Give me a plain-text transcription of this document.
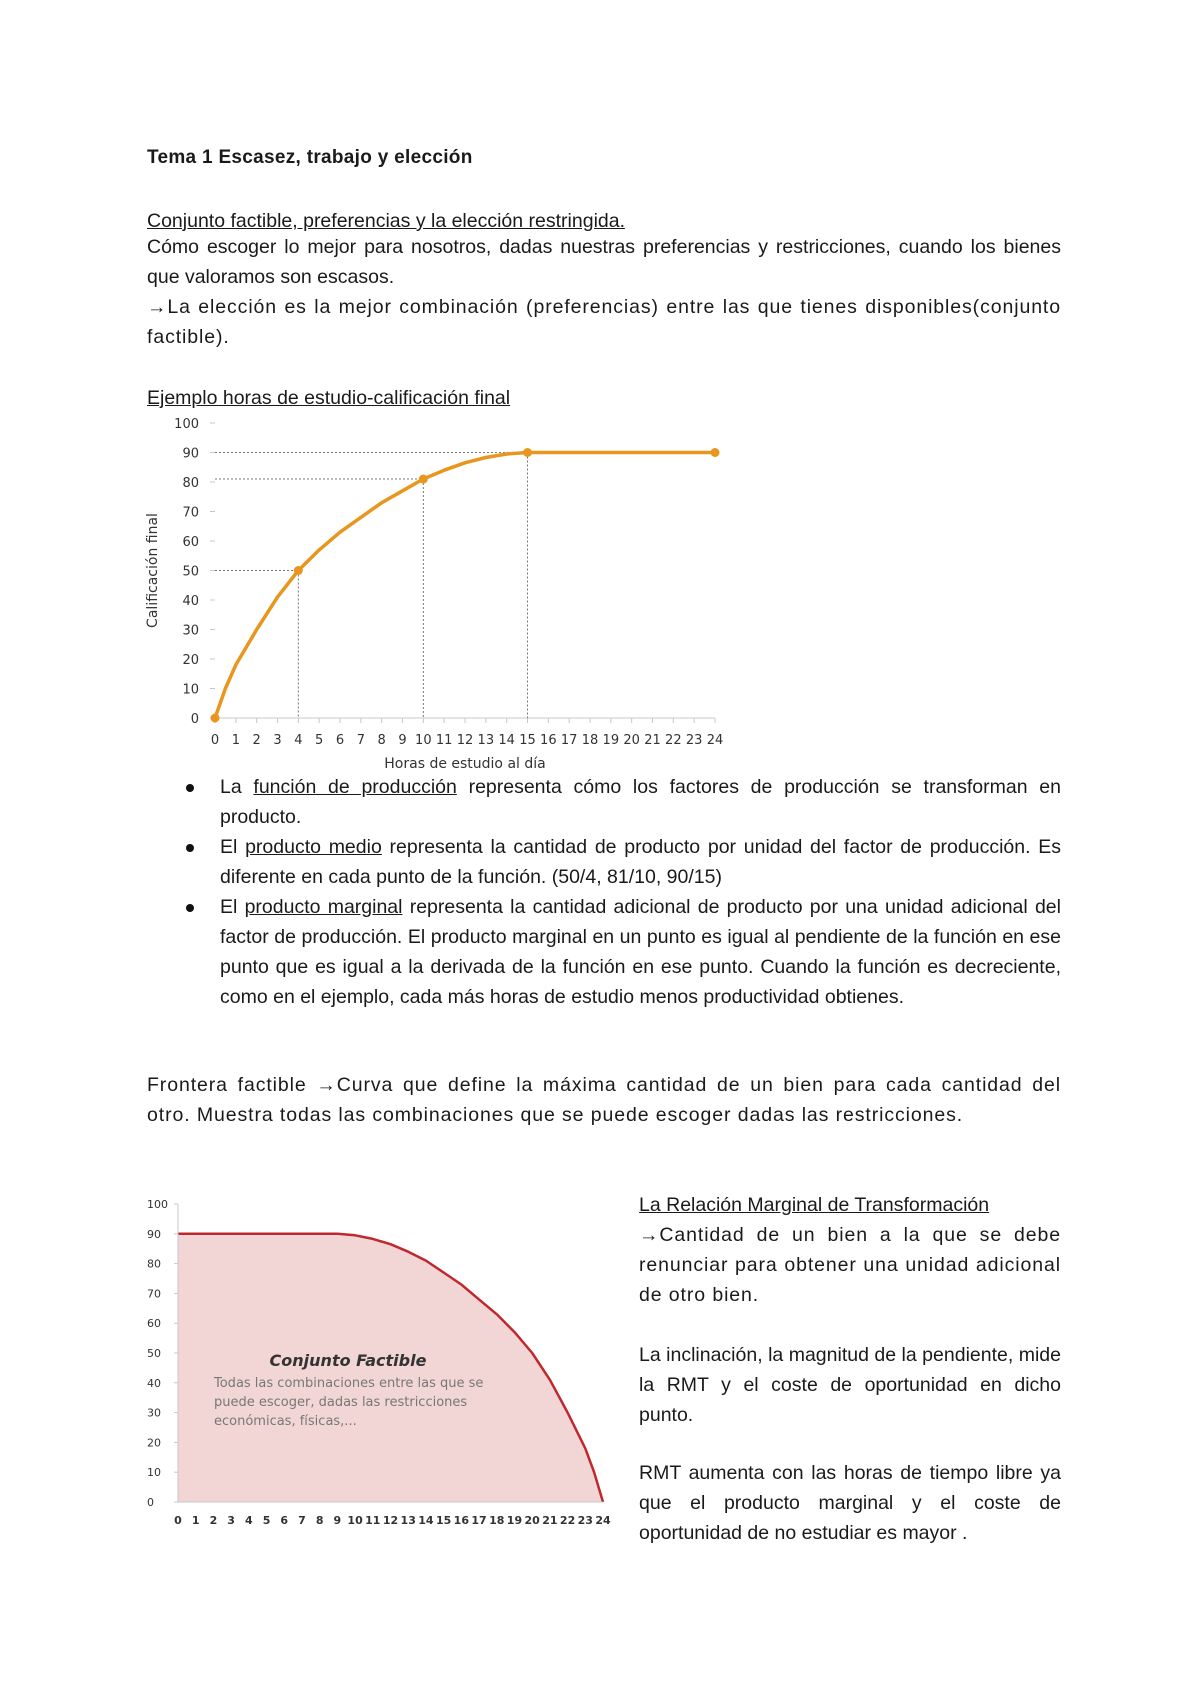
Tema 1 Escasez, trabajo y elección
Conjunto factible, preferencias y la elección restringida.
Cómo escoger lo mejor para nosotros, dadas nuestras preferencias y restricciones, cuando los bienes que valoramos son escasos.
→La elección es la mejor combinación (preferencias) entre las que tienes disponibles(conjunto factible).
Ejemplo horas de estudio-calificación final
La función de producción representa cómo los factores de producción se transforman en producto.
El producto medio representa la cantidad de producto por unidad del factor de producción. Es diferente en cada punto de la función. (50/4, 81/10, 90/15)
El producto marginal representa la cantidad adicional de producto por una unidad adicional del factor de producción. El producto marginal en un punto es igual al pendiente de la función en ese punto que es igual a la derivada de la función en ese punto. Cuando la función es decreciente, como en el ejemplo, cada más horas de estudio menos productividad obtienes.
Frontera factible →Curva que define la máxima cantidad de un bien para cada cantidad del otro. Muestra todas las combinaciones que se puede escoger dadas las restricciones.
0
10
20
30
40
50
60
70
80
90
100
0 1 2 3 4 5 6 7 8 9 10 11 12 13 14 15 16 17 18 19 20 21 22 23 24
Horas de estudio al día
Calificación final
0
10
20
30
40
50
60
70
80
90
100
0 1 2 3 4 5 6 7 8 9 10 11 12 13 14 15 16 17 18 19 20 21 22 23 24
Conjunto Factible
Todas las combinaciones entre las que se
puede escoger, dadas las restricciones
económicas, físicas,...
La Relación Marginal de Transformación
→Cantidad de un bien a la que se debe renunciar para obtener una unidad adicional de otro bien.
La inclinación, la magnitud de la pendiente, mide la RMT y el coste de oportunidad en dicho punto.
RMT aumenta con las horas de tiempo libre ya que el producto marginal y el coste de oportunidad de no estudiar es mayor .
